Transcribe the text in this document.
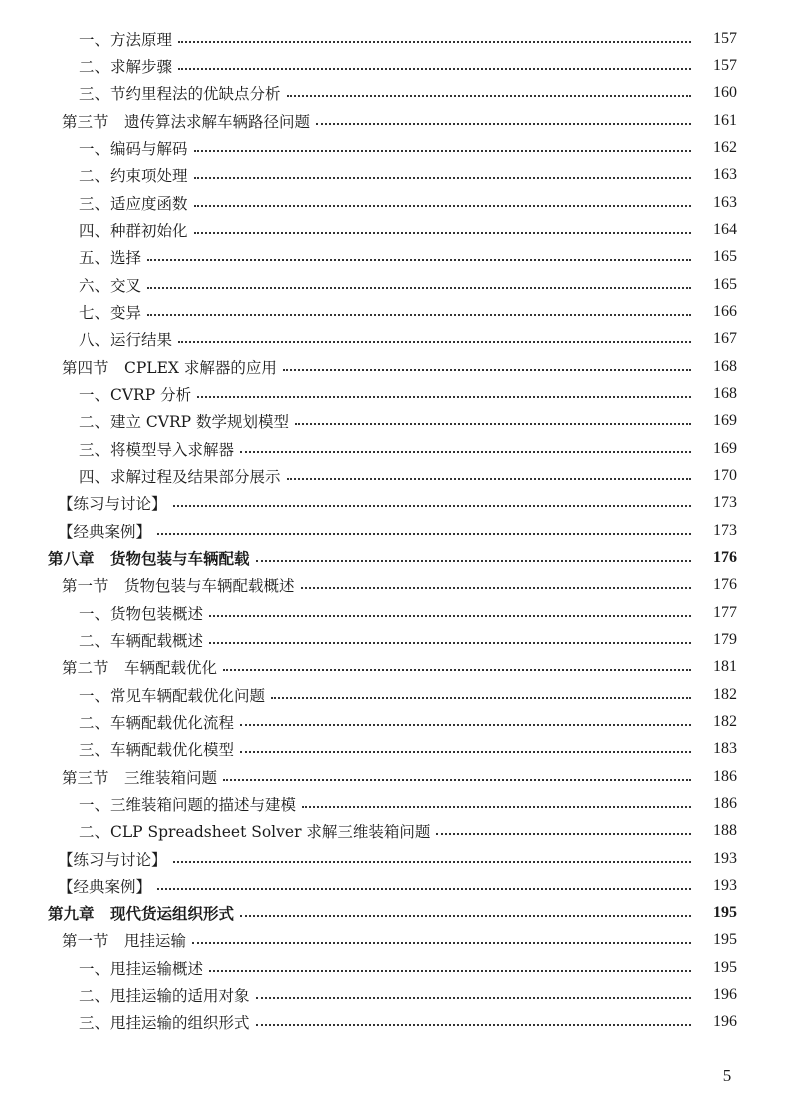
一、方法原理	157
二、求解步骤	157
三、节约里程法的优缺点分析	160
第三节　遗传算法求解车辆路径问题	161
一、编码与解码	162
二、约束项处理	163
三、适应度函数	163
四、种群初始化	164
五、选择	165
六、交叉	165
七、变异	166
八、运行结果	167
第四节　CPLEX 求解器的应用	168
一、CVRP 分析	168
二、建立 CVRP 数学规划模型	169
三、将模型导入求解器	169
四、求解过程及结果部分展示	170
【练习与讨论】	173
【经典案例】	173
第八章　货物包装与车辆配载	176
第一节　货物包装与车辆配载概述	176
一、货物包装概述	177
二、车辆配载概述	179
第二节　车辆配载优化	181
一、常见车辆配载优化问题	182
二、车辆配载优化流程	182
三、车辆配载优化模型	183
第三节　三维装箱问题	186
一、三维装箱问题的描述与建模	186
二、CLP Spreadsheet Solver 求解三维装箱问题	188
【练习与讨论】	193
【经典案例】	193
第九章　现代货运组织形式	195
第一节　甩挂运输	195
一、甩挂运输概述	195
二、甩挂运输的适用对象	196
三、甩挂运输的组织形式	196
5
